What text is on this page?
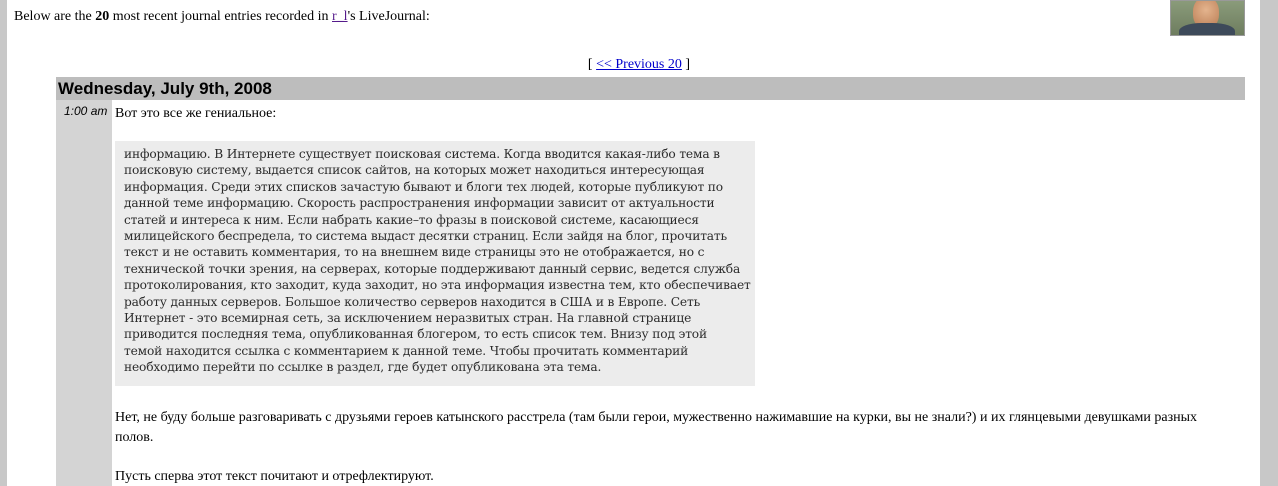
Below are the 20 most recent journal entries recorded in r_l's LiveJournal:
[ << Previous 20 ]
Wednesday, July 9th, 2008
1:00 am Вот это все же гениальное:
информацию. В Интернете существует поисковая система. Когда вводится какая-либо тема в
поисковую систему, выдается список сайтов, на которых может находиться интересующая
информация. Среди этих списков зачастую бывают и блоги тех людей, которые публикуют по
данной теме информацию. Скорость распространения информации зависит от актуальности
статей и интереса к ним. Если набрать какие–то фразы в поисковой системе, касающиеся
милицейского беспредела, то система выдаст десятки страниц. Если зайдя на блог, прочитать
текст и не оставить комментария, то на внешнем виде страницы это не отображается, но с
технической точки зрения, на серверах, которые поддерживают данный сервис, ведется служба
протоколирования, кто заходит, куда заходит, но эта информация известна тем, кто обеспечивает
работу данных серверов. Большое количество серверов находится в США и в Европе. Сеть
Интернет - это всемирная сеть, за исключением неразвитых стран. На главной странице
приводится последняя тема, опубликованная блогером, то есть список тем. Внизу под этой
темой находится ссылка с комментарием к данной теме. Чтобы прочитать комментарий
необходимо перейти по ссылке в раздел, где будет опубликована эта тема.
Нет, не буду больше разговаривать с друзьями героев катынского расстрела (там были герои, мужественно нажимавшие на курки, вы не знали?) и их глянцевыми девушками разных полов.
Пусть сперва этот текст почитают и отрефлектируют.
